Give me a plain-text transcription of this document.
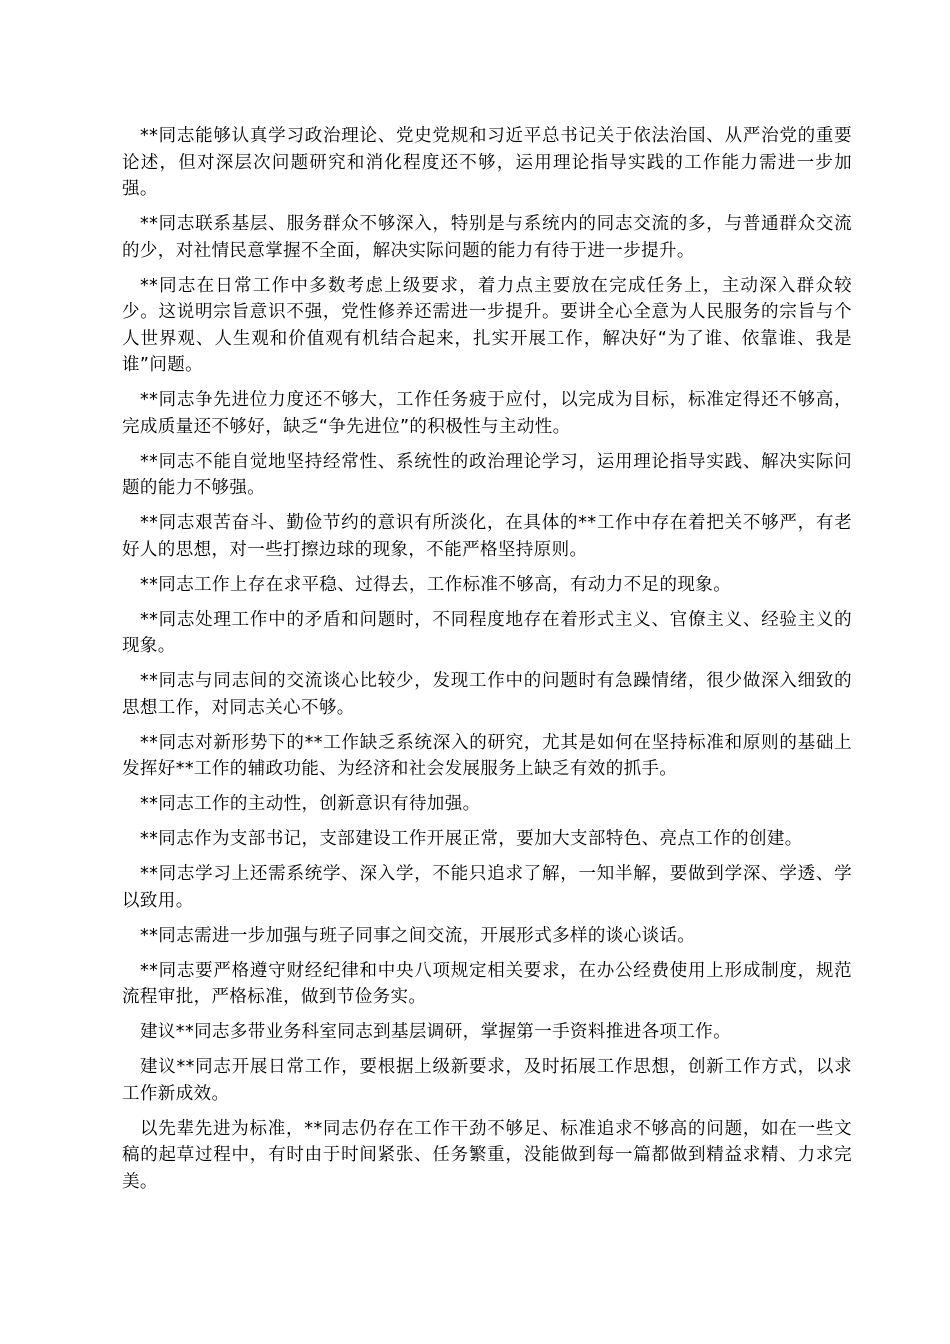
**同志能够认真学习政治理论、党史党规和习近平总书记关于依法治国、从严治党的重要论述，但对深层次问题研究和消化程度还不够，运用理论指导实践的工作能力需进一步加强。

**同志联系基层、服务群众不够深入，特别是与系统内的同志交流的多，与普通群众交流的少，对社情民意掌握不全面，解决实际问题的能力有待于进一步提升。

**同志在日常工作中多数考虑上级要求，着力点主要放在完成任务上，主动深入群众较少。这说明宗旨意识不强，党性修养还需进一步提升。要讲全心全意为人民服务的宗旨与个人世界观、人生观和价值观有机结合起来，扎实开展工作，解决好“为了谁、依靠谁、我是谁”问题。

**同志争先进位力度还不够大，工作任务疲于应付，以完成为目标，标准定得还不够高，完成质量还不够好，缺乏“争先进位”的积极性与主动性。

**同志不能自觉地坚持经常性、系统性的政治理论学习，运用理论指导实践、解决实际问题的能力不够强。

**同志艰苦奋斗、勤俭节约的意识有所淡化，在具体的**工作中存在着把关不够严，有老好人的思想，对一些打擦边球的现象，不能严格坚持原则。

**同志工作上存在求平稳、过得去，工作标准不够高，有动力不足的现象。

**同志处理工作中的矛盾和问题时，不同程度地存在着形式主义、官僚主义、经验主义的现象。

**同志与同志间的交流谈心比较少，发现工作中的问题时有急躁情绪，很少做深入细致的思想工作，对同志关心不够。

**同志对新形势下的**工作缺乏系统深入的研究，尤其是如何在坚持标准和原则的基础上发挥好**工作的辅政功能、为经济和社会发展服务上缺乏有效的抓手。

**同志工作的主动性，创新意识有待加强。

**同志作为支部书记，支部建设工作开展正常，要加大支部特色、亮点工作的创建。

**同志学习上还需系统学、深入学，不能只追求了解，一知半解，要做到学深、学透、学以致用。

**同志需进一步加强与班子同事之间交流，开展形式多样的谈心谈话。

**同志要严格遵守财经纪律和中央八项规定相关要求，在办公经费使用上形成制度，规范流程审批，严格标准，做到节俭务实。

建议**同志多带业务科室同志到基层调研，掌握第一手资料推进各项工作。

建议**同志开展日常工作，要根据上级新要求，及时拓展工作思想，创新工作方式，以求工作新成效。

以先辈先进为标准，**同志仍存在工作干劲不够足、标准追求不够高的问题，如在一些文稿的起草过程中，有时由于时间紧张、任务繁重，没能做到每一篇都做到精益求精、力求完美。
